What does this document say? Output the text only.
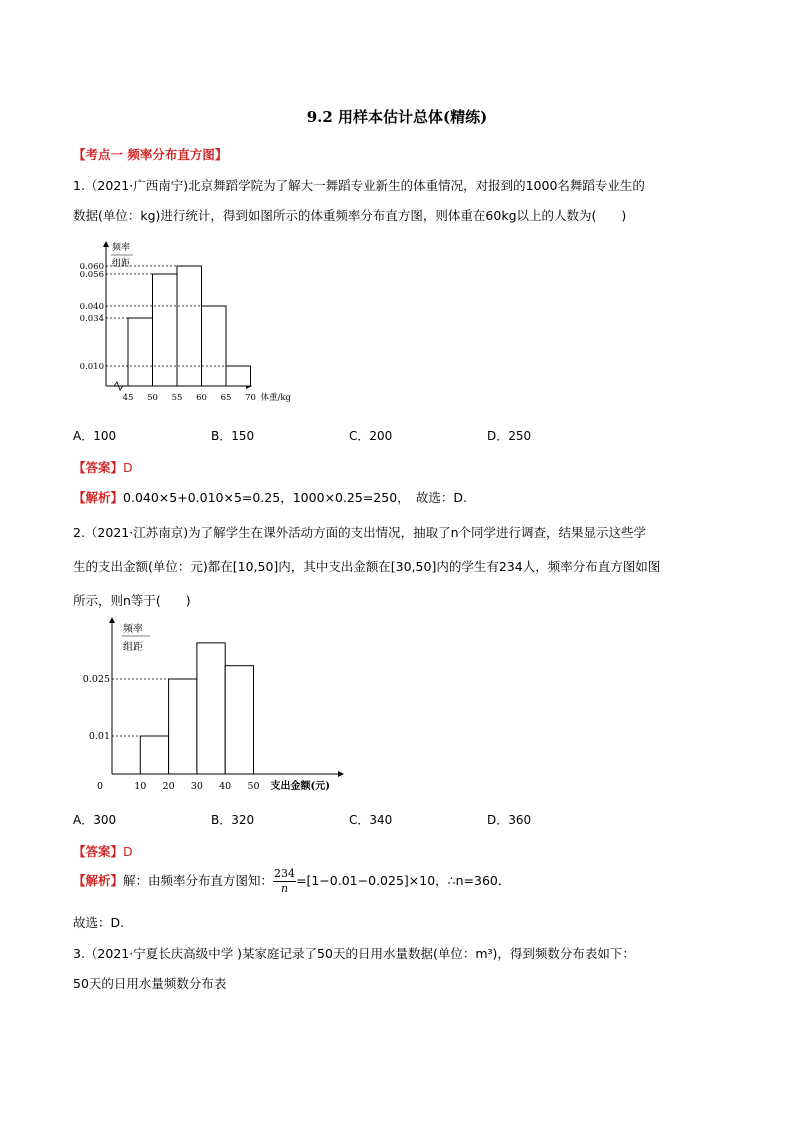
9.2 用样本估计总体(精练)
【考点一 频率分布直方图】
1.（2021·广西南宁)北京舞蹈学院为了解大一舞蹈专业新生的体重情况，对报到的1000名舞蹈专业生的
数据(单位：kg)进行统计，得到如图所示的体重频率分布直方图，则体重在60kg以上的人数为(　　)
频率
组距
0.060
0.056
0.040
0.034
0.010
45 50 55 60 65 70 体重/kg
A．100	B．150	C．200	D．250
【答案】D
【解析】0.040×5+0.010×5=0.25，1000×0.25=250，　故选：D.
2.（2021·江苏南京)为了解学生在课外活动方面的支出情况，抽取了n个同学进行调查，结果显示这些学
生的支出金额(单位：元)都在[10,50]内，其中支出金额在[30,50]内的学生有234人，频率分布直方图如图
所示，则n等于(　　)
频率
组距
0.025
0.01
0	10 20 30 40 50 支出金额(元)
A．300	B．320	C．340	D．360
【答案】D
【解析】解：由频率分布直方图知： $\frac{234}{n} =[1-0.01-0.025]\times 10$，∴n=360．
故选：D.
3.（2021·宁夏长庆高级中学 )某家庭记录了50天的日用水量数据(单位：m³)，得到频数分布表如下：
50天的日用水量频数分布表
